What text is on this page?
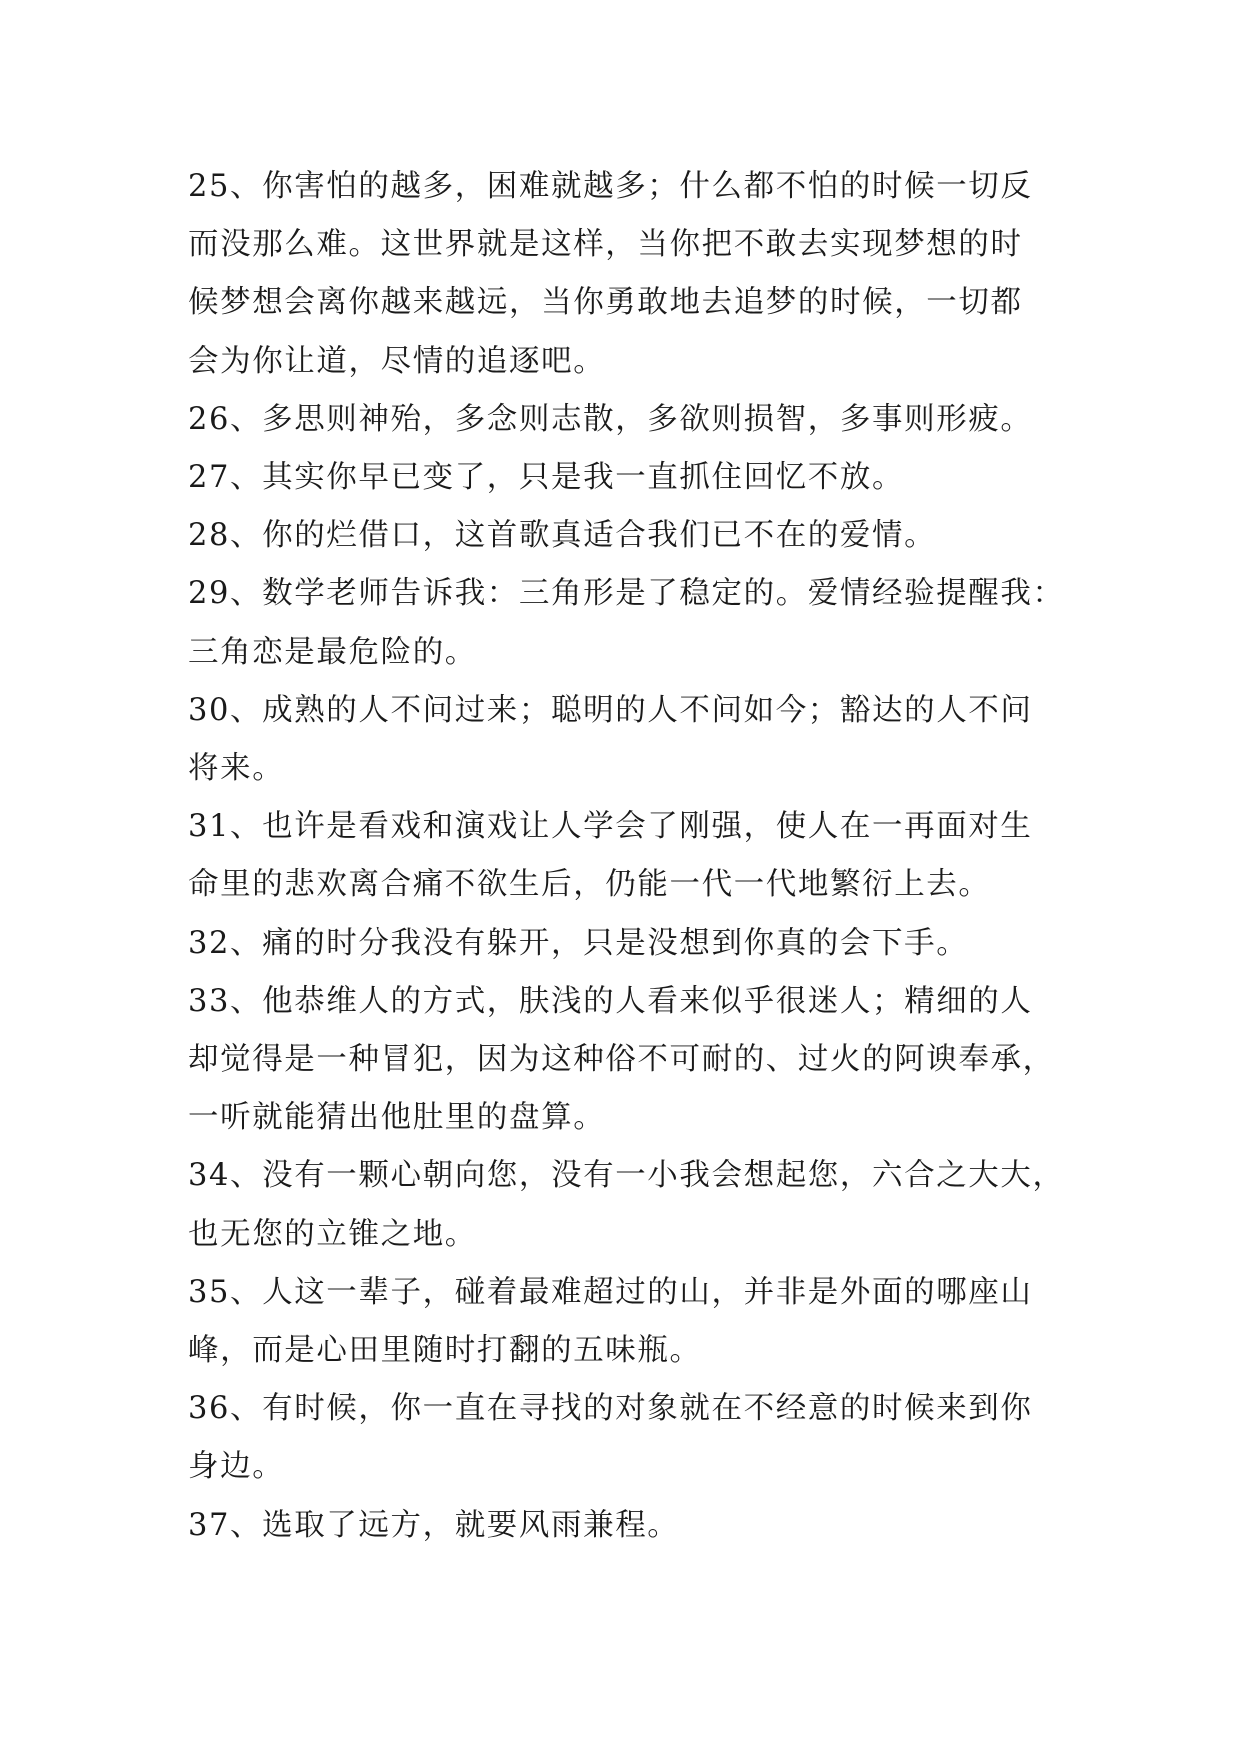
25、你害怕的越多，困难就越多；什么都不怕的时候一切反
而没那么难。这世界就是这样，当你把不敢去实现梦想的时
候梦想会离你越来越远，当你勇敢地去追梦的时候，一切都
会为你让道，尽情的追逐吧。

26、多思则神殆，多念则志散，多欲则损智，多事则形疲。

27、其实你早已变了，只是我一直抓住回忆不放。

28、你的烂借口，这首歌真适合我们已不在的爱情。

29、数学老师告诉我：三角形是了稳定的。爱情经验提醒我：
三角恋是最危险的。

30、成熟的人不问过来；聪明的人不问如今；豁达的人不问
将来。

31、也许是看戏和演戏让人学会了刚强，使人在一再面对生
命里的悲欢离合痛不欲生后，仍能一代一代地繁衍上去。

32、痛的时分我没有躲开，只是没想到你真的会下手。

33、他恭维人的方式，肤浅的人看来似乎很迷人；精细的人
却觉得是一种冒犯，因为这种俗不可耐的、过火的阿谀奉承，
一听就能猜出他肚里的盘算。

34、没有一颗心朝向您，没有一小我会想起您，六合之大大，
也无您的立锥之地。

35、人这一辈子，碰着最难超过的山，并非是外面的哪座山
峰，而是心田里随时打翻的五味瓶。

36、有时候，你一直在寻找的对象就在不经意的时候来到你
身边。

37、选取了远方，就要风雨兼程。
